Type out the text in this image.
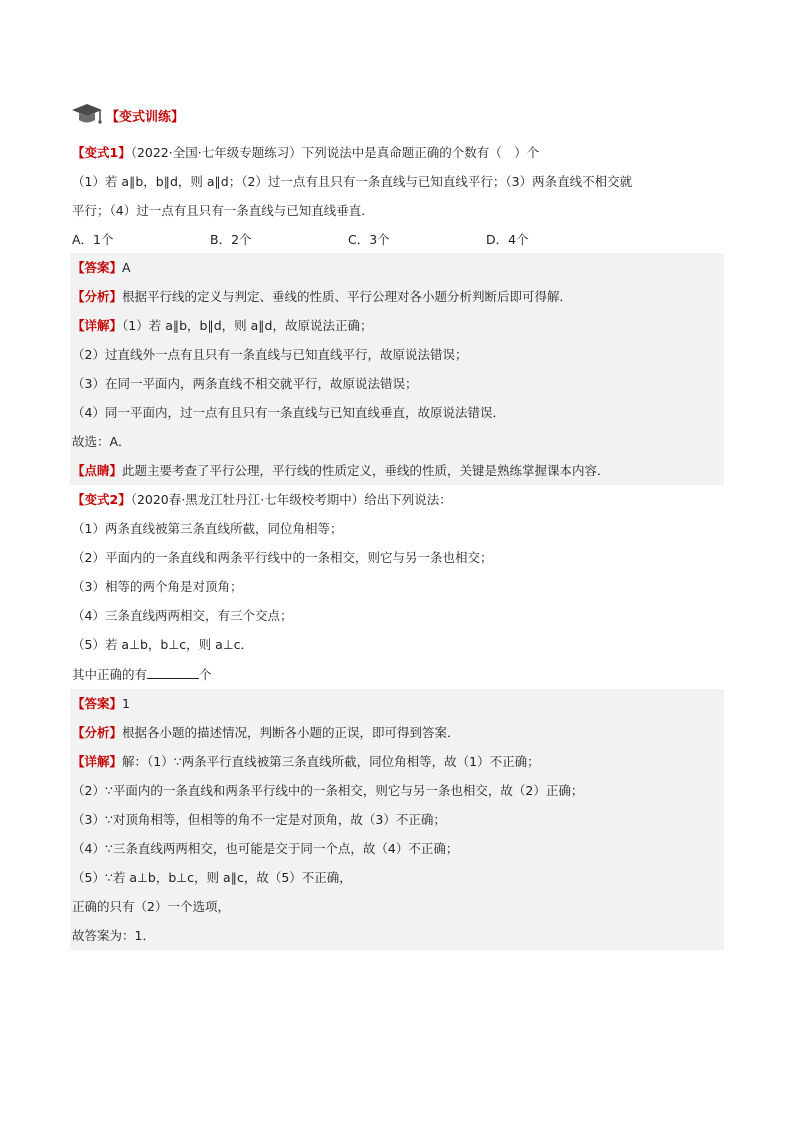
【变式训练】
【变式1】（2022·全国·七年级专题练习）下列说法中是真命题正确的个数有（　）个
（1）若 a∥b，b∥d，则 a∥d；（2）过一点有且只有一条直线与已知直线平行；（3）两条直线不相交就
平行；（4）过一点有且只有一条直线与已知直线垂直．
A．1个	B．2个	C．3个	D．4个
【答案】A
【分析】根据平行线的定义与判定、垂线的性质、平行公理对各小题分析判断后即可得解．
【详解】（1）若 a∥b，b∥d，则 a∥d，故原说法正确；
（2）过直线外一点有且只有一条直线与已知直线平行，故原说法错误；
（3）在同一平面内，两条直线不相交就平行，故原说法错误；
（4）同一平面内，过一点有且只有一条直线与已知直线垂直，故原说法错误．
故选：A．
【点睛】此题主要考查了平行公理，平行线的性质定义，垂线的性质，关键是熟练掌握课本内容．
【变式2】（2020春·黑龙江牡丹江·七年级校考期中）给出下列说法：
（1）两条直线被第三条直线所截，同位角相等；
（2）平面内的一条直线和两条平行线中的一条相交，则它与另一条也相交；
（3）相等的两个角是对顶角；
（4）三条直线两两相交，有三个交点；
（5）若 a⊥b，b⊥c，则 a⊥c．
其中正确的有	个
【答案】1
【分析】根据各小题的描述情况，判断各小题的正误，即可得到答案．
【详解】解：（1）∵两条平行直线被第三条直线所截，同位角相等，故（1）不正确；
（2）∵平面内的一条直线和两条平行线中的一条相交，则它与另一条也相交，故（2）正确；
（3）∵对顶角相等，但相等的角不一定是对顶角，故（3）不正确；
（4）∵三条直线两两相交，也可能是交于同一个点，故（4）不正确；
（5）∵若 a⊥b，b⊥c，则 a∥c，故（5）不正确，
正确的只有（2）一个选项，
故答案为：1．
